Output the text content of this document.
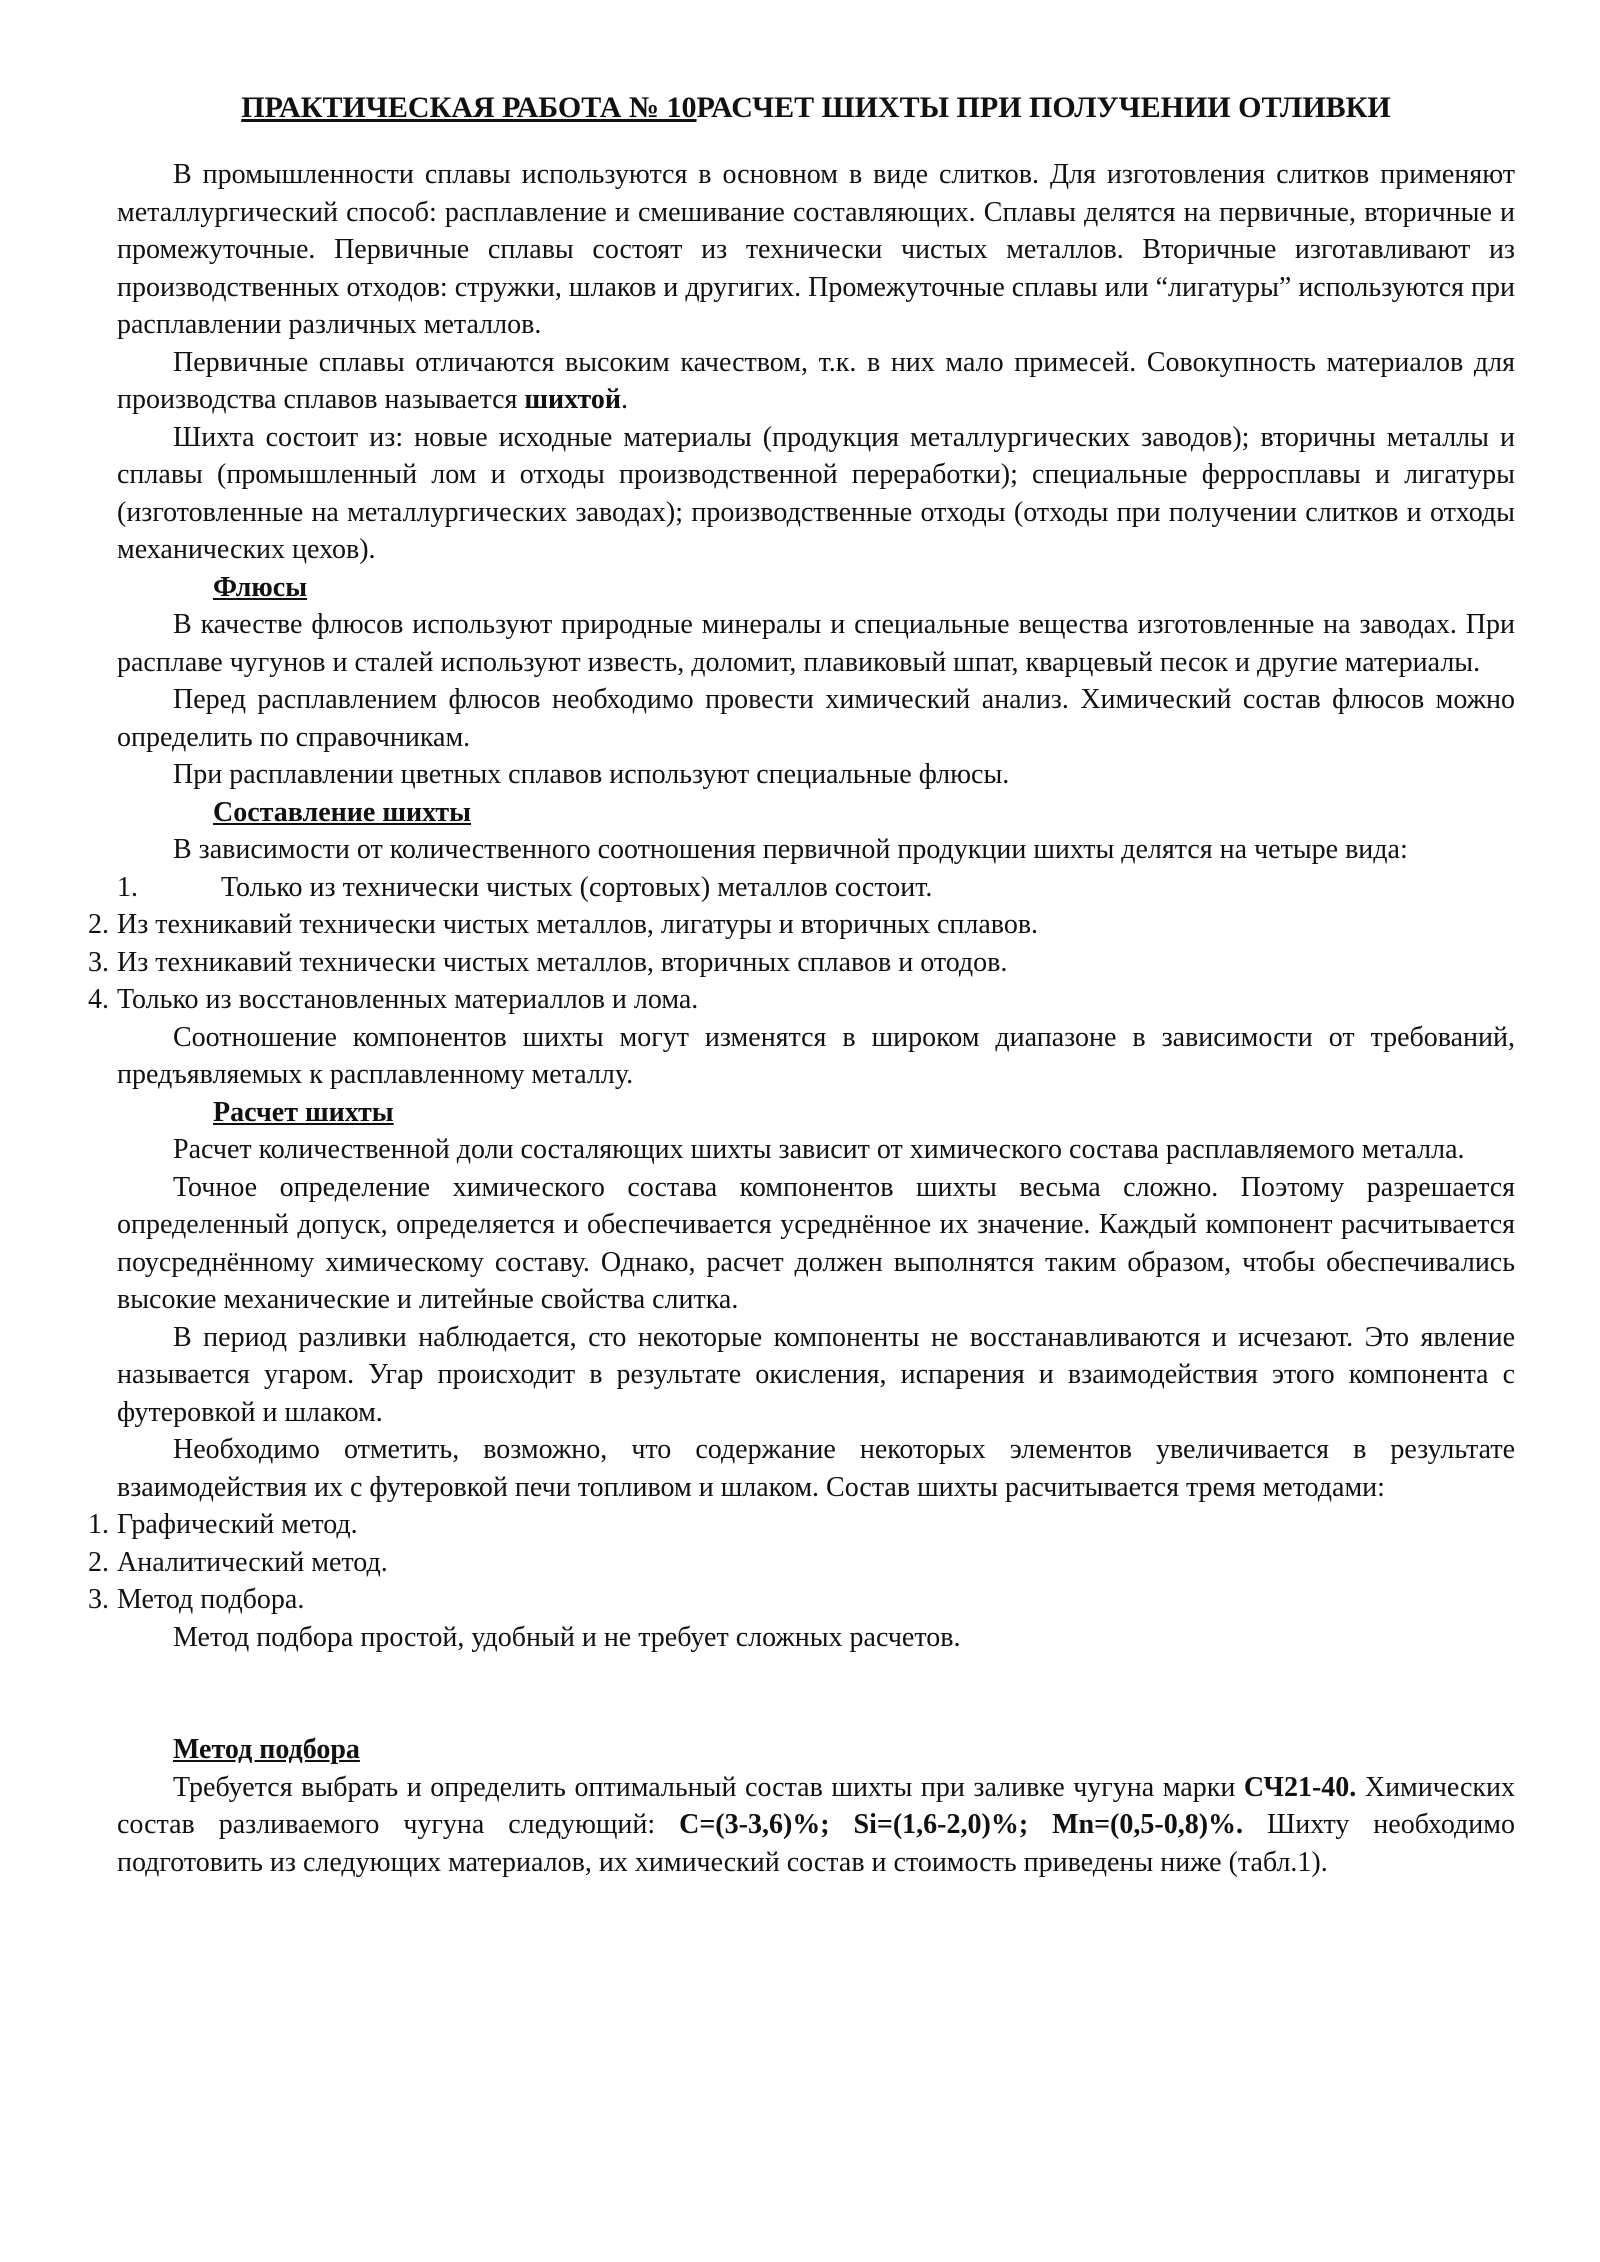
ПРАКТИЧЕСКАЯ РАБОТА № 10РАСЧЕТ ШИХТЫ ПРИ ПОЛУЧЕНИИ ОТЛИВКИ

В промышленности сплавы используются в основном в виде слитков. Для изготовления слитков применяют металлургический способ: расплавление и смешивание составляющих. Сплавы делятся на первичные, вторичные и промежуточные. Первичные сплавы состоят из технически чистых металлов. Вторичные изготавливают из производственных отходов: стружки, шлаков и другигих. Промежуточные сплавы или “лигатуры” используются при расплавлении различных металлов.

Первичные сплавы отличаются высоким качеством, т.к. в них мало примесей. Совокупность материалов для производства сплавов называется шихтой.

Шихта состоит из: новые исходные материалы (продукция металлургических заводов); вторичны металлы и сплавы (промышленный лом и отходы производственной переработки); специальные ферросплавы и лигатуры (изготовленные на металлургических заводах); производственные отходы (отходы при получении слитков и отходы механических цехов).

Флюсы

В качестве флюсов используют природные минералы и специальные вещества изготовленные на заводах. При расплаве чугунов и сталей используют известь, доломит, плавиковый шпат, кварцевый песок и другие материалы.

Перед расплавлением флюсов необходимо провести химический анализ. Химический состав флюсов можно определить по справочникам.

При расплавлении цветных сплавов используют специальные флюсы.

Составление шихты

В зависимости от количественного соотношения первичной продукции шихты делятся на четыре вида:

1.	Только из технически чистых (сортовых) металлов состоит.
2. Из техникавий технически чистых металлов, лигатуры и вторичных сплавов.
3. Из техникавий технически чистых металлов, вторичных сплавов и отодов.
4. Только из восстановленных материаллов и лома.

Соотношение компонентов шихты могут изменятся в широком диапазоне в зависимости от требований, предъявляемых к расплавленному металлу.

Расчет шихты

Расчет количественной доли состаляющих шихты зависит от химического состава расплавляемого металла.

Точное определение химического состава компонентов шихты весьма сложно. Поэтому разрешается определенный допуск, определяется и обеспечивается усреднённое их значение. Каждый компонент расчитывается поусреднённому химическому составу. Однако, расчет должен выполнятся таким образом, чтобы обеспечивались высокие механические и литейные свойства слитка.

В период разливки наблюдается, сто некоторые компоненты не восстанавливаются и исчезают. Это явление называется угаром. Угар происходит в результате окисления, испарения и взаимодействия этого компонента с футеровкой и шлаком.

Необходимо отметить, возможно, что содержание некоторых элементов увеличивается в результате взаимодействия их с футеровкой печи топливом и шлаком. Состав шихты расчитывается тремя методами:

1. Графический метод.
2. Аналитический метод.
3. Метод подбора.

Метод подбора простой, удобный и не требует сложных расчетов.

Метод подбора

Требуется выбрать и определить оптимальный состав шихты при заливке чугуна марки СЧ21-40. Химических состав разливаемого чугуна следующий: С=(3-3,6)%; Si=(1,6-2,0)%; Mn=(0,5-0,8)%. Шихту необходимо подготовить из следующих материалов, их химический состав и стоимость приведены ниже (табл.1).
